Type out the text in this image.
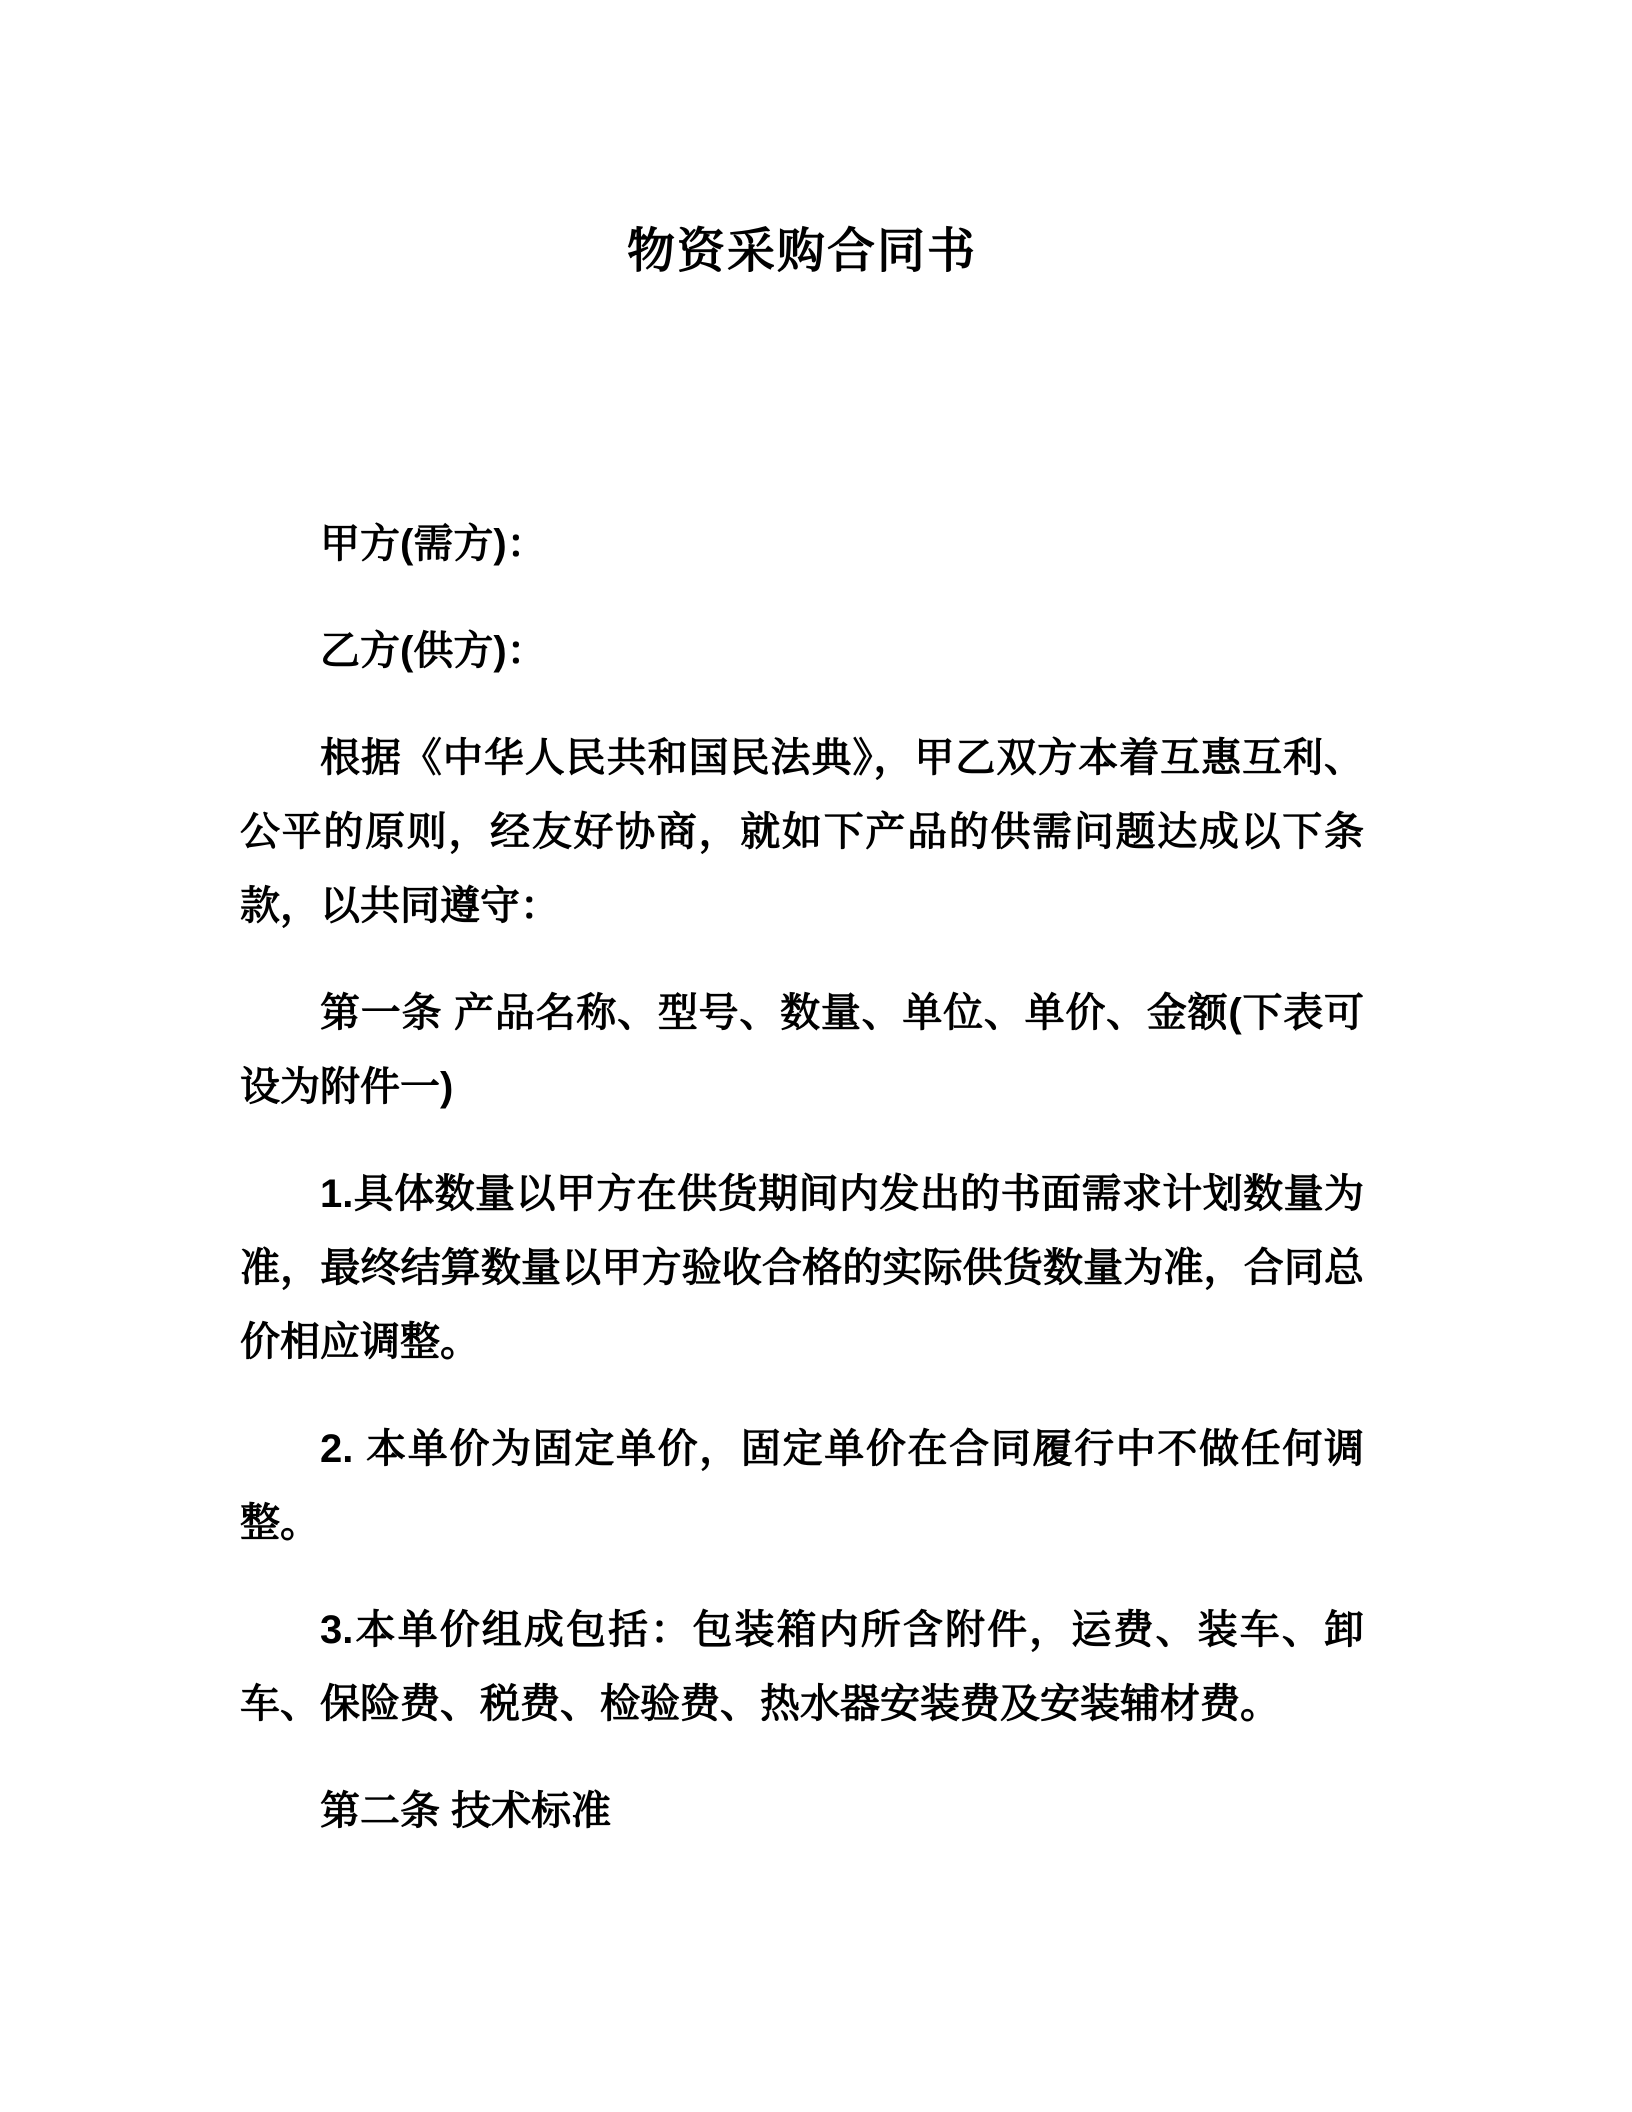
物资采购合同书

甲方(需方)：

乙方(供方)：

根据《中华人民共和国民法典》，甲乙双方本着互惠互利、公平的原则，经友好协商，就如下产品的供需问题达成以下条款，以共同遵守：

第一条 产品名称、型号、数量、单位、单价、金额(下表可设为附件一)

1.具体数量以甲方在供货期间内发出的书面需求计划数量为准，最终结算数量以甲方验收合格的实际供货数量为准，合同总价相应调整。

2. 本单价为固定单价，固定单价在合同履行中不做任何调整。

3.本单价组成包括：包装箱内所含附件，运费、装车、卸车、保险费、税费、检验费、热水器安装费及安装辅材费。

第二条 技术标准
